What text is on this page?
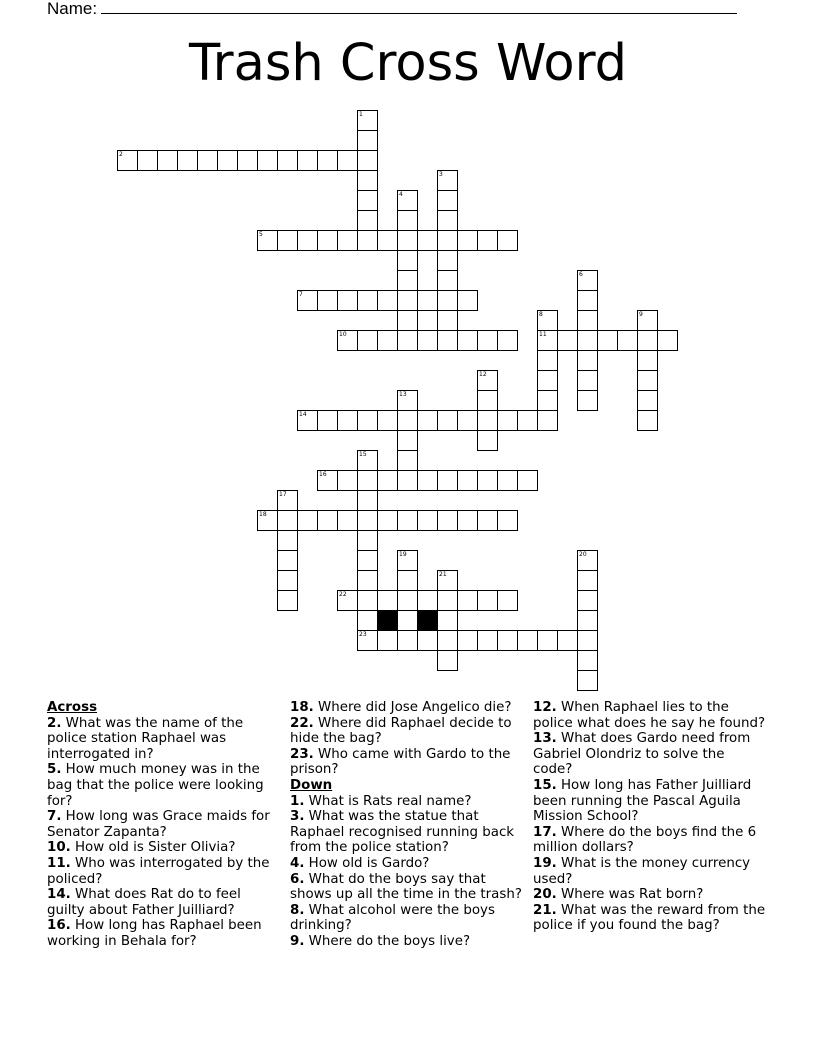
Name:
Trash Cross Word
1
2
3
4
5
6
7
8
11
9
10
12
13
14
15
23
16
17
18
19	20
21
22
Across
2. What was the name of the police station Raphael was interrogated in?
5. How much money was in the bag that the police were looking for?
7. How long was Grace maids for Senator Zapanta?
10. How old is Sister Olivia?
11. Who was interrogated by the policed?
14. What does Rat do to feel guilty about Father Juilliard?
16. How long has Raphael been working in Behala for?
18. Where did Jose Angelico die?
22. Where did Raphael decide to hide the bag?
23. Who came with Gardo to the prison?
Down
1. What is Rats real name?
3. What was the statue that Raphael recognised running back from the police station?
4. How old is Gardo?
6. What do the boys say that shows up all the time in the trash?
8. What alcohol were the boys drinking?
9. Where do the boys live?
12. When Raphael lies to the police what does he say he found?
13. What does Gardo need from Gabriel Olondriz to solve the code?
15. How long has Father Juilliard been running the Pascal Aguila Mission School?
17. Where do the boys find the 6 million dollars?
19. What is the money currency used?
20. Where was Rat born?
21. What was the reward from the police if you found the bag?
